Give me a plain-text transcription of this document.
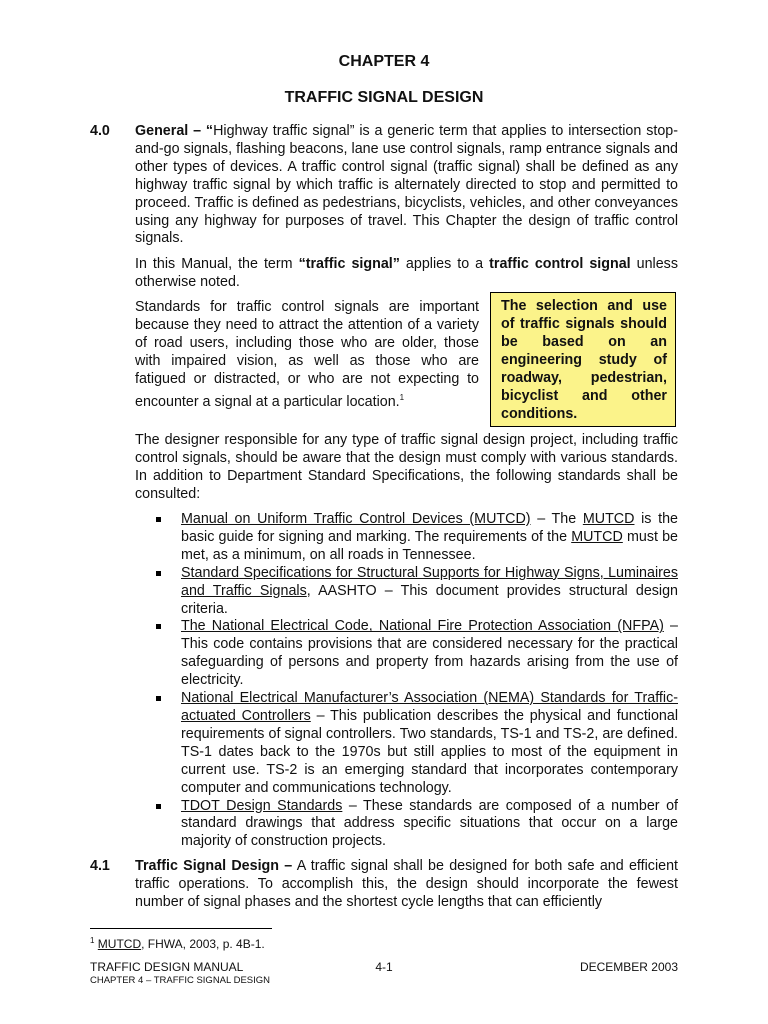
CHAPTER 4
TRAFFIC SIGNAL DESIGN
4.0 General – “Highway traffic signal” is a generic term that applies to intersection stop-and-go signals, flashing beacons, lane use control signals, ramp entrance signals and other types of devices. A traffic control signal (traffic signal) shall be defined as any highway traffic signal by which traffic is alternately directed to stop and permitted to proceed. Traffic is defined as pedestrians, bicyclists, vehicles, and other conveyances using any highway for purposes of travel. This Chapter the design of traffic control signals.
In this Manual, the term “traffic signal” applies to a traffic control signal unless otherwise noted.
Standards for traffic control signals are important because they need to attract the attention of a variety of road users, including those who are older, those with impaired vision, as well as those who are fatigued or distracted, or who are not expecting to encounter a signal at a particular location.$^1$
The selection and use of traffic signals should be based on an engineering study of roadway, pedestrian, bicyclist and other conditions.
The designer responsible for any type of traffic signal design project, including traffic control signals, should be aware that the design must comply with various standards. In addition to Department Standard Specifications, the following standards shall be consulted:
Manual on Uniform Traffic Control Devices (MUTCD) – The MUTCD is the basic guide for signing and marking. The requirements of the MUTCD must be met, as a minimum, on all roads in Tennessee.
Standard Specifications for Structural Supports for Highway Signs, Luminaires and Traffic Signals, AASHTO – This document provides structural design criteria.
The National Electrical Code, National Fire Protection Association (NFPA) – This code contains provisions that are considered necessary for the practical safeguarding of persons and property from hazards arising from the use of electricity.
National Electrical Manufacturer’s Association (NEMA) Standards for Traffic-actuated Controllers – This publication describes the physical and functional requirements of signal controllers. Two standards, TS-1 and TS-2, are defined. TS-1 dates back to the 1970s but still applies to most of the equipment in current use. TS-2 is an emerging standard that incorporates contemporary computer and communications technology.
TDOT Design Standards – These standards are composed of a number of standard drawings that address specific situations that occur on a large majority of construction projects.
4.1 Traffic Signal Design – A traffic signal shall be designed for both safe and efficient traffic operations. To accomplish this, the design should incorporate the fewest number of signal phases and the shortest cycle lengths that can efficiently
$^1$ MUTCD, FHWA, 2003, p. 4B-1.
TRAFFIC DESIGN MANUAL	4-1	DECEMBER 2003
CHAPTER 4 – TRAFFIC SIGNAL DESIGN
